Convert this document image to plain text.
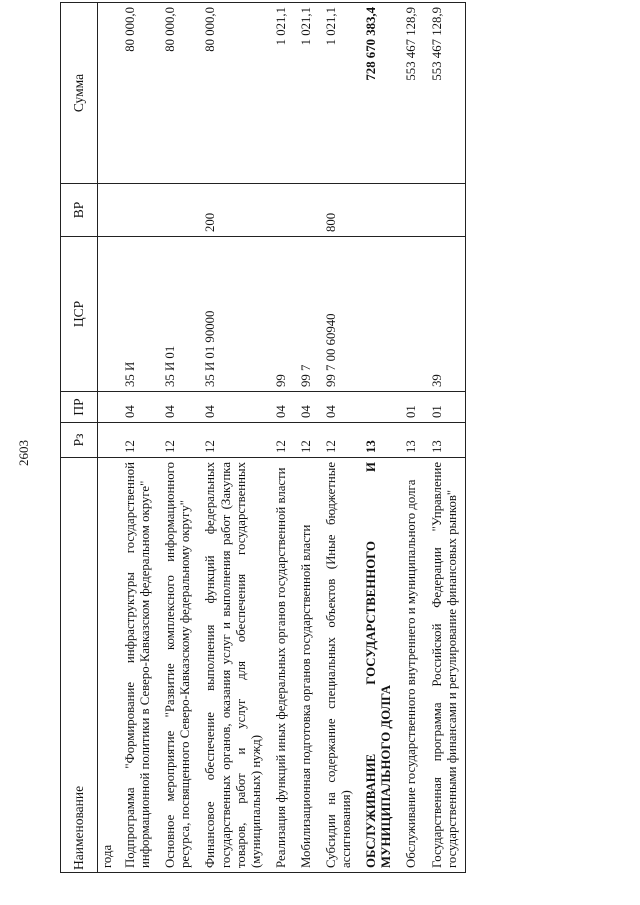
2603
Наименование	Рз	ПР	ЦСР	ВР	Сумма
года					
Подпрограмма "Формирование инфраструктуры государственной информационной политики в Северо-Кавказском федеральном округе"	12	04	35 И		80 000,0
Основное мероприятие "Развитие комплексного информационного ресурса, посвященного Северо-Кавказскому федеральному округу"	12	04	35 И 01		80 000,0
Финансовое обеспечение выполнения функций федеральных государственных органов, оказания услуг и выполнения работ (Закупка товаров, работ и услуг для обеспечения государственных (муниципальных) нужд)	12	04	35 И 01 90000	200	80 000,0
Реализация функций иных федеральных органов государственной власти	12	04	99		1 021,1
Мобилизационная подготовка органов государственной власти	12	04	99 7		1 021,1
Субсидии на содержание специальных объектов (Иные бюджетные ассигнования)	12	04	99 7 00 60940	800	1 021,1
ОБСЛУЖИВАНИЕ ГОСУДАРСТВЕННОГО И МУНИЦИПАЛЬНОГО ДОЛГА	13				728 670 383,4
Обслуживание государственного внутреннего и муниципального долга	13	01			553 467 128,9
Государственная программа Российской Федерации "Управление государственными финансами и регулирование финансовых рынков"	13	01	39		553 467 128,9
